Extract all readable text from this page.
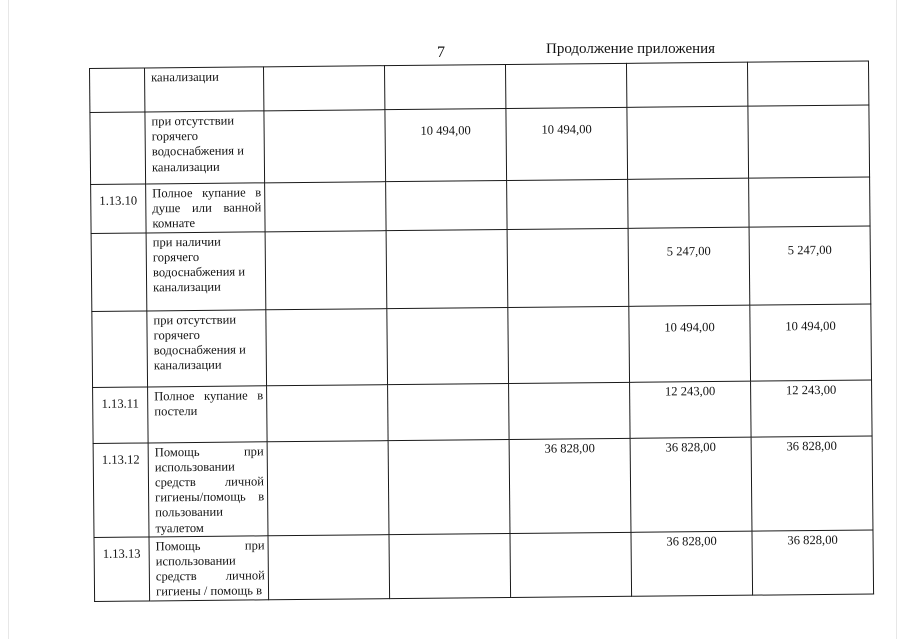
7	Продолжение приложения

	канализации					

	при отсутствии горячего водоснабжения и канализации		10 494,00	10 494,00		

1.13.10	Полное купание в душе или ванной комнате					

	при наличии горячего водоснабжения и канализации				5 247,00	5 247,00

	при отсутствии горячего водоснабжения и канализации				10 494,00	10 494,00

1.13.11	Полное купание в постели				12 243,00	12 243,00

1.13.12	Помощь при использовании средств личной гигиены/помощь в пользовании туалетом			36 828,00	36 828,00	36 828,00

1.13.13	Помощь при использовании средств личной гигиены / помощь в				36 828,00	36 828,00
